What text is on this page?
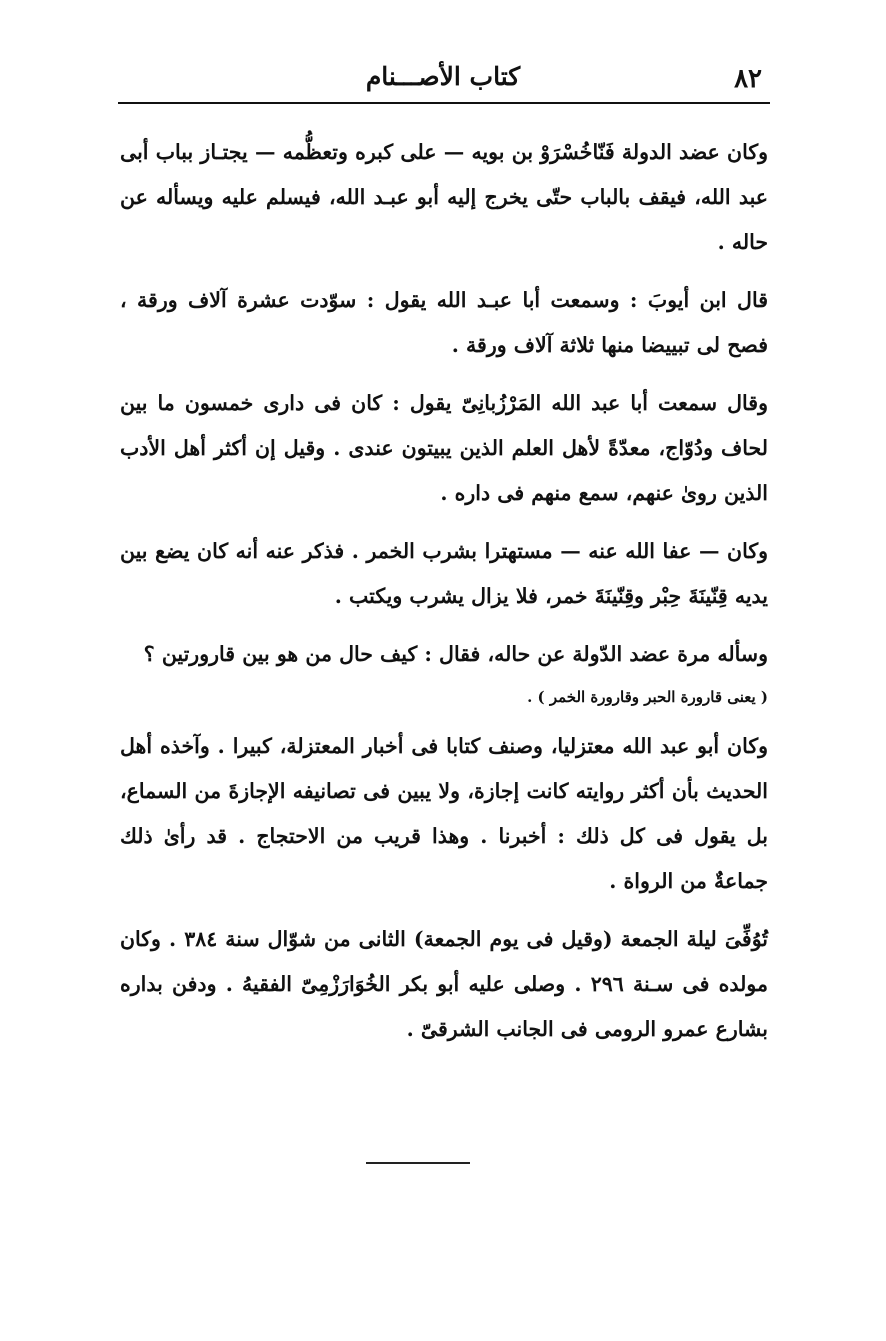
٨٢
كتاب الأصـــنام

وكان عضد الدولة فَنّاخُسْرَوْ بن بويه — على كبره وتعظُّمه — يجتـاز بباب أبى عبد الله، فيقف بالباب حتّى يخرج إليه أبو عبـد الله، فيسلم عليه ويسأله عن حاله .

قال ابن أيوبَ : وسمعت أبا عبـد الله يقول : سوّدت عشرة آلاف ورقة ، فصح لى تبييضا منها ثلاثة آلاف ورقة .

وقال سمعت أبا عبد الله المَرْزُبانِىّ يقول : كان فى دارى خمسون ما بين لحاف ودُوّاج، معدّةً لأهل العلم الذين يبيتون عندى . وقيل إن أكثر أهل الأدب الذين روىٰ عنهم، سمع منهم فى داره .

وكان — عفا الله عنه — مستهترا بشرب الخمر . فذكر عنه أنه كان يضع بين يديه قِنّينَةَ حِبْر وقِنّينَةَ خمر، فلا يزال يشرب ويكتب .

وسأله مرة عضد الدّولة عن حاله، فقال : كيف حال من هو بين قارورتين ؟

( يعنى قارورة الحبر وقارورة الخمر ) .

وكان أبو عبد الله معتزليا، وصنف كتابا فى أخبار المعتزلة، كبيرا . وآخذه أهل الحديث بأن أكثر روايته كانت إجازة، ولا يبين فى تصانيفه الإجازةَ من السماع، بل يقول فى كل ذلك : أخبرنا . وهذا قريب من الاحتجاج . قد رأىٰ ذلك جماعةٌ من الرواة .

تُوُفِّىَ ليلة الجمعة (وقيل فى يوم الجمعة) الثانى من شوّال سنة ٣٨٤ . وكان مولده فى سـنة ٢٩٦ . وصلى عليه أبو بكر الخُوَارَزْمِىّ الفقيهُ . ودفن بداره بشارع عمرو الرومى فى الجانب الشرقىّ .
